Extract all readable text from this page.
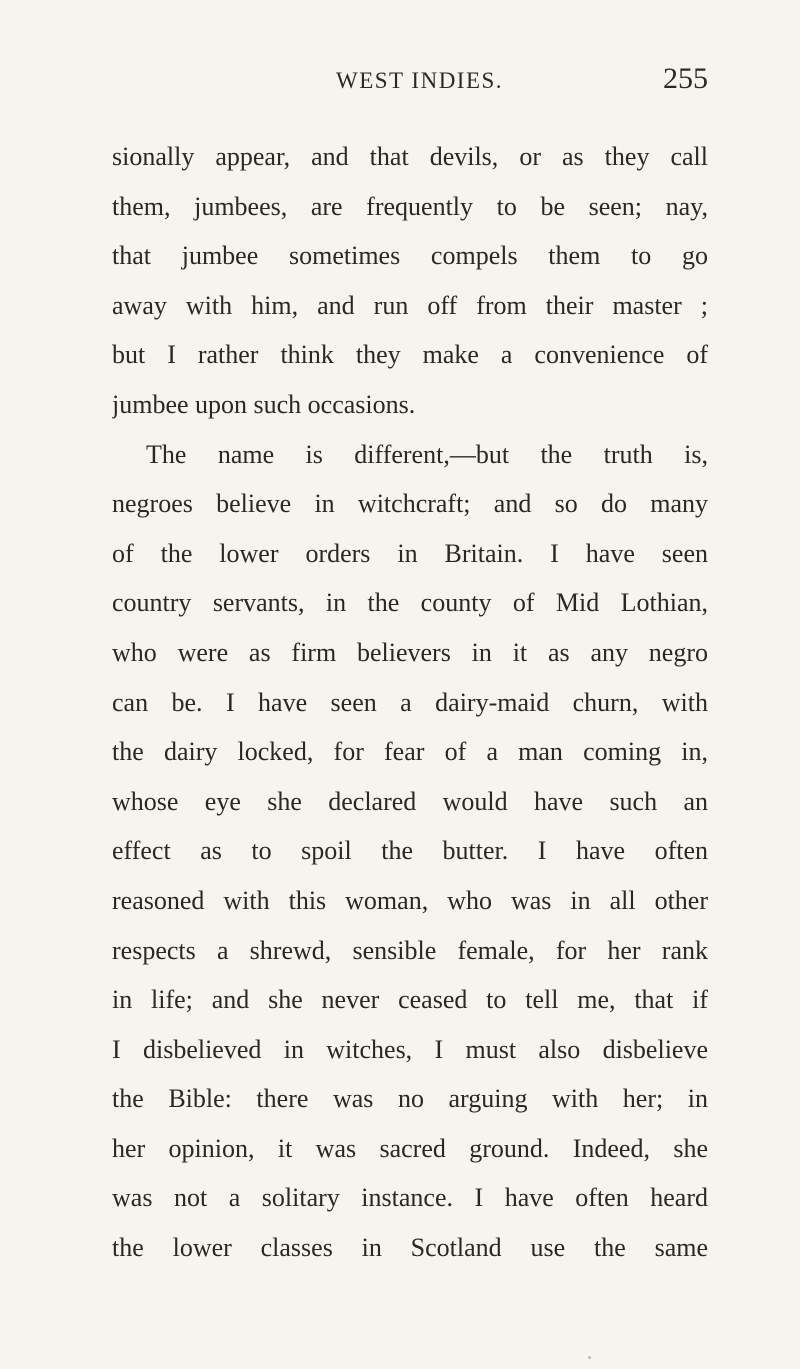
WEST INDIES.	255
sionally appear, and that devils, or as they call
them, jumbees, are frequently to be seen; nay,
that jumbee sometimes compels them to go
away with him, and run off from their master ;
but I rather think they make a convenience of
jumbee upon such occasions.
The name is different,—but the truth is,
negroes believe in witchcraft; and so do many
of the lower orders in Britain. I have seen
country servants, in the county of Mid Lothian,
who were as firm believers in it as any negro
can be. I have seen a dairy-maid churn, with
the dairy locked, for fear of a man coming in,
whose eye she declared would have such an
effect as to spoil the butter. I have often
reasoned with this woman, who was in all other
respects a shrewd, sensible female, for her rank
in life; and she never ceased to tell me, that if
I disbelieved in witches, I must also disbelieve
the Bible: there was no arguing with her; in
her opinion, it was sacred ground. Indeed, she
was not a solitary instance. I have often heard
the lower classes in Scotland use the same
